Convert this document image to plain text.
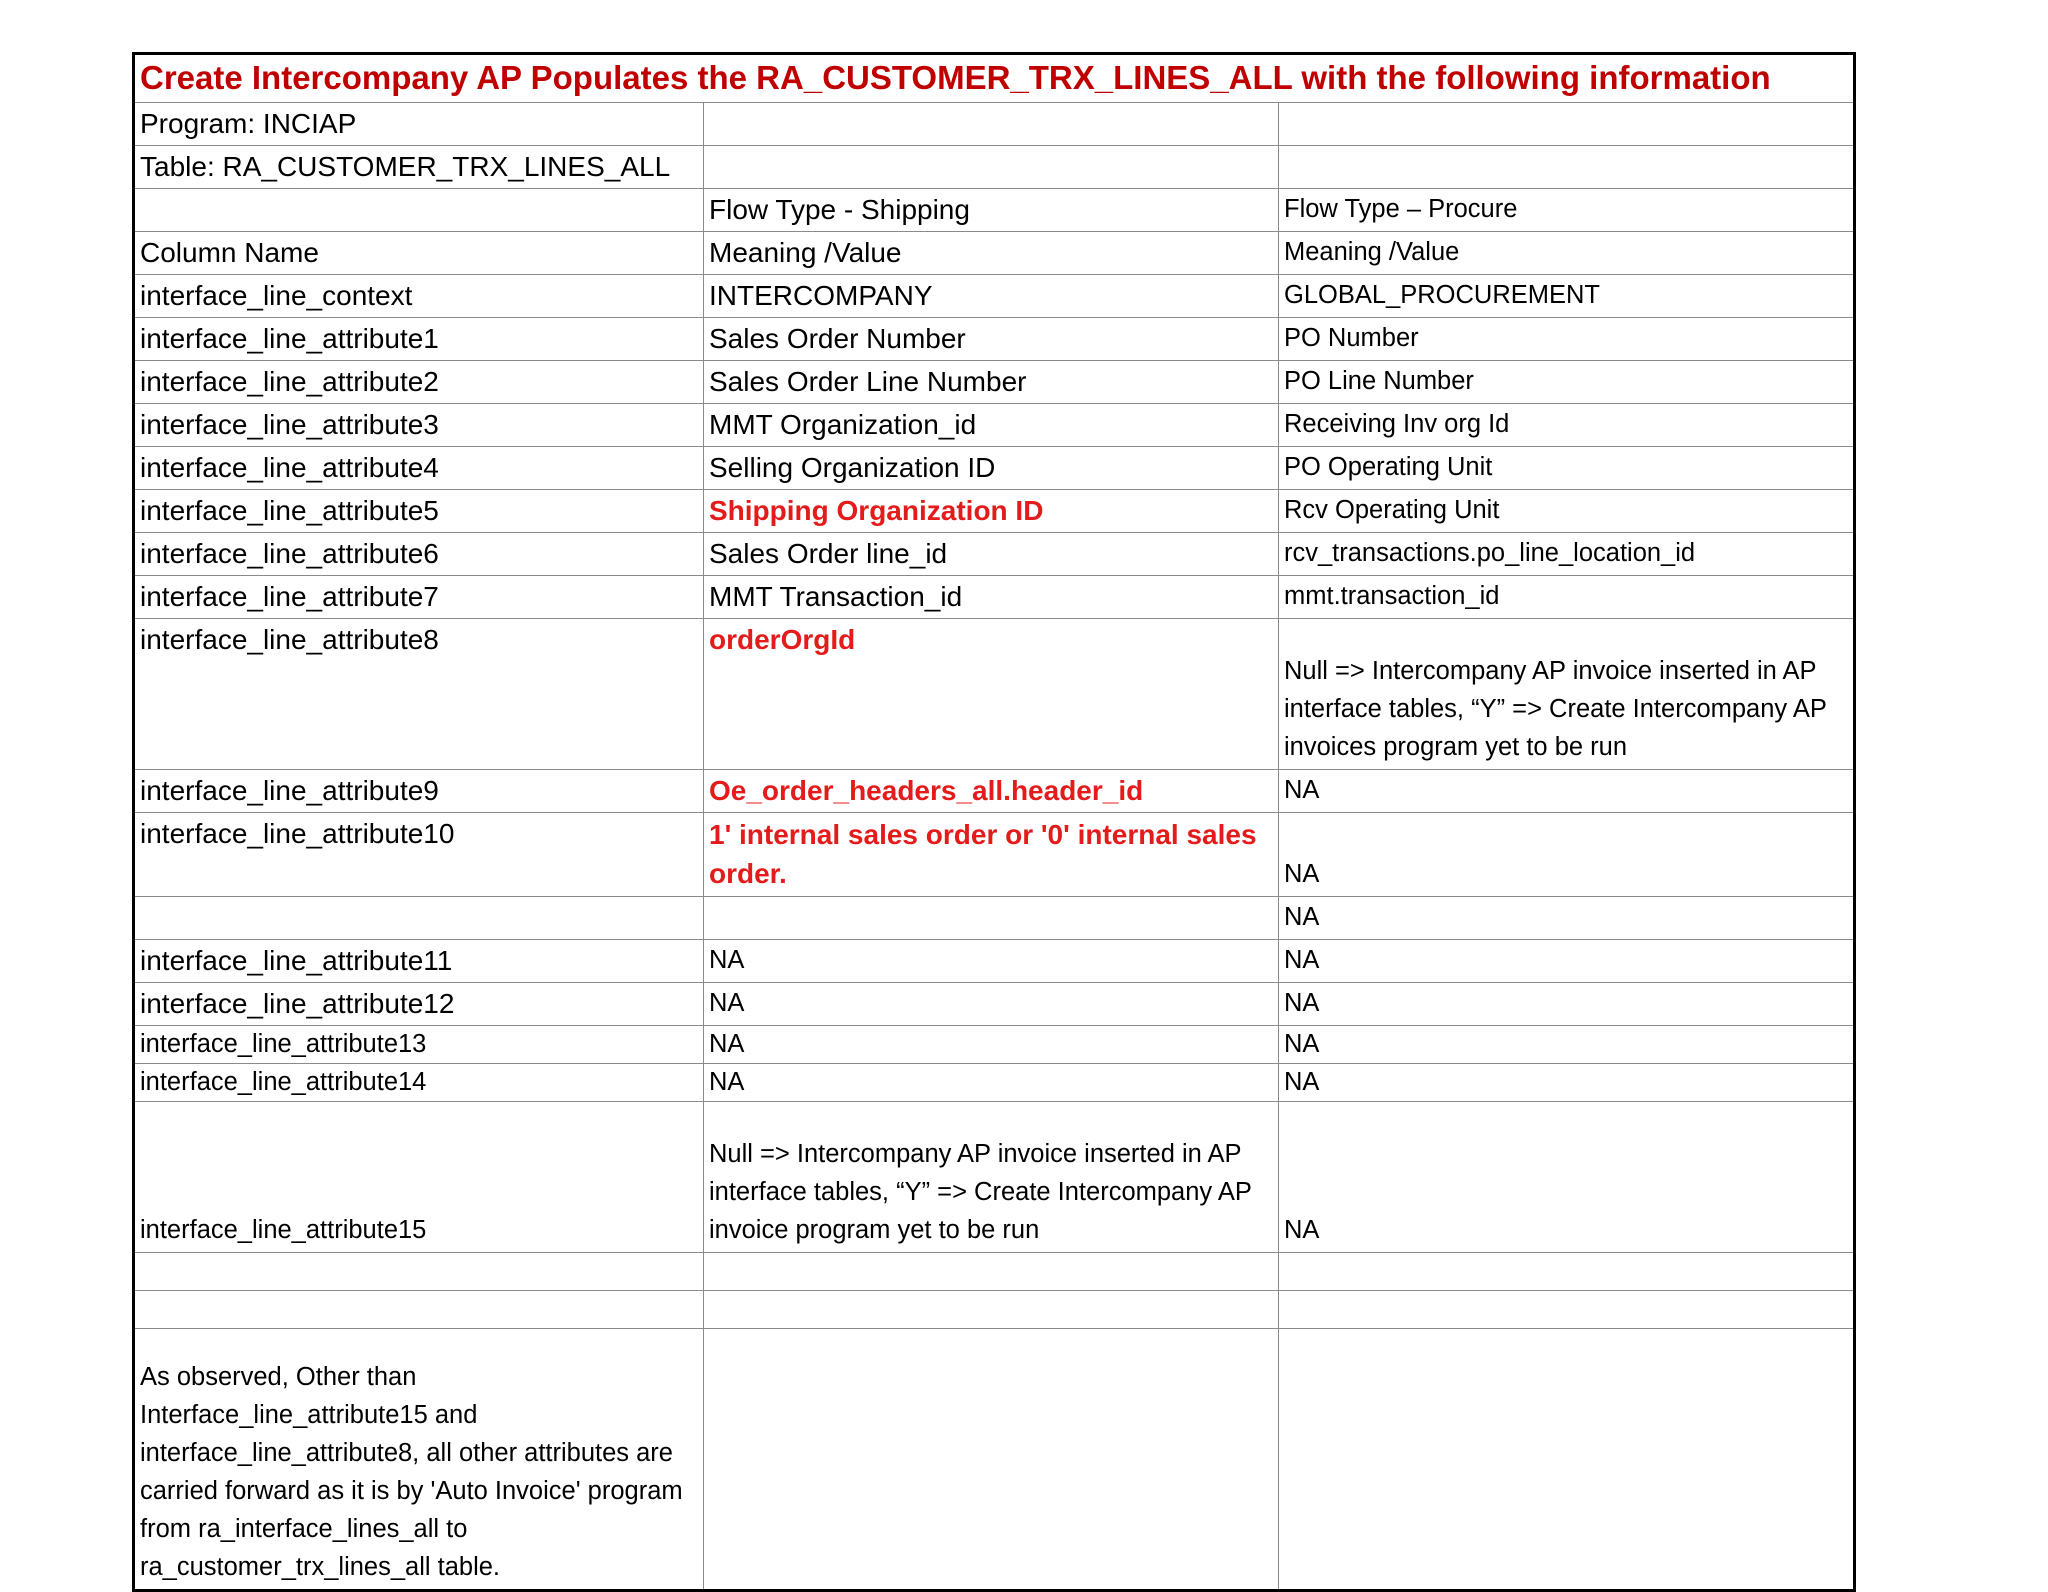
Create Intercompany AP Populates the RA_CUSTOMER_TRX_LINES_ALL with the following information		
Program: INCIAP		
Table: RA_CUSTOMER_TRX_LINES_ALL		
	Flow Type - Shipping	Flow Type – Procure
Column Name	Meaning /Value	Meaning /Value
interface_line_context	INTERCOMPANY	GLOBAL_PROCUREMENT
interface_line_attribute1	Sales Order Number	PO Number
interface_line_attribute2	Sales Order Line Number	PO Line Number
interface_line_attribute3	MMT Organization_id	Receiving Inv org Id
interface_line_attribute4	Selling Organization ID	PO Operating Unit
interface_line_attribute5	Shipping Organization ID	Rcv Operating Unit
interface_line_attribute6	Sales Order line_id	rcv_transactions.po_line_location_id
interface_line_attribute7	MMT Transaction_id	mmt.transaction_id
interface_line_attribute8	orderOrgId	Null => Intercompany AP invoice inserted in AP interface tables, “Y” => Create Intercompany AP invoices program yet to be run
interface_line_attribute9	Oe_order_headers_all.header_id	NA
interface_line_attribute10	1' internal sales order or '0' internal sales order.	NA
		NA
interface_line_attribute11	NA	NA
interface_line_attribute12	NA	NA
interface_line_attribute13	NA	NA
interface_line_attribute14	NA	NA
interface_line_attribute15	Null => Intercompany AP invoice inserted in AP interface tables, “Y” => Create Intercompany AP invoice program yet to be run	NA

As observed, Other than Interface_line_attribute15 and interface_line_attribute8, all other attributes are carried forward as it is by 'Auto Invoice' program from ra_interface_lines_all to ra_customer_trx_lines_all table.		
